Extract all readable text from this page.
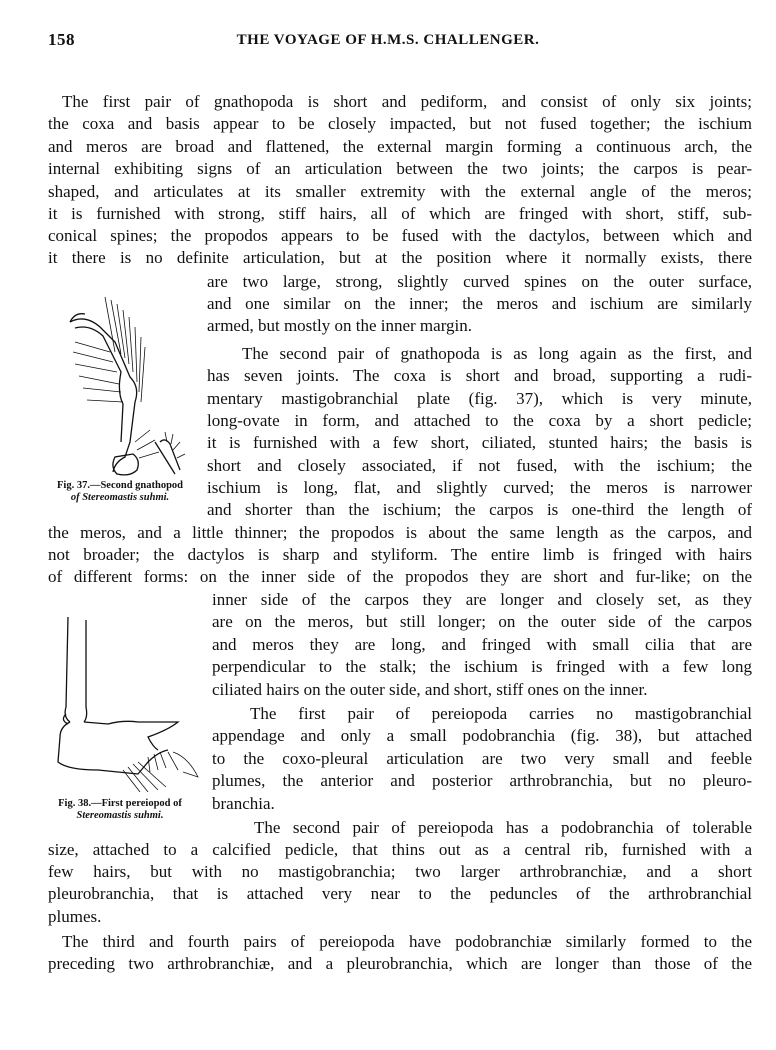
158	THE VOYAGE OF H.M.S. CHALLENGER.
Fig. 37.—Second gnathopod
of Stereomastis suhmi.
Fig. 38.—First pereiopod of
Stereomastis suhmi.
The first pair of gnathopoda is short and pediform, and consist of only six joints;
the coxa and basis appear to be closely impacted, but not fused together; the ischium
and meros are broad and flattened, the external margin forming a continuous arch, the
internal exhibiting signs of an articulation between the two joints; the carpos is pear-
shaped, and articulates at its smaller extremity with the external angle of the meros;
it is furnished with strong, stiff hairs, all of which are fringed with short, stiff, sub-
conical spines; the propodos appears to be fused with the dactylos, between which and
it there is no definite articulation, but at the position where it normally exists, there
are two large, strong, slightly curved spines on the outer surface,
and one similar on the inner; the meros and ischium are similarly
armed, but mostly on the inner margin.
The second pair of gnathopoda is as long again as the first, and
has seven joints. The coxa is short and broad, supporting a rudi-
mentary mastigobranchial plate (fig. 37), which is very minute,
long-ovate in form, and attached to the coxa by a short pedicle;
it is furnished with a few short, ciliated, stunted hairs; the basis is
short and closely associated, if not fused, with the ischium; the
ischium is long, flat, and slightly curved; the meros is narrower
and shorter than the ischium; the carpos is one-third the length of
the meros, and a little thinner; the propodos is about the same length as the carpos, and
not broader; the dactylos is sharp and styliform. The entire limb is fringed with hairs
of different forms: on the inner side of the propodos they are short and fur-like; on the
inner side of the carpos they are longer and closely set, as they
are on the meros, but still longer; on the outer side of the carpos
and meros they are long, and fringed with small cilia that are
perpendicular to the stalk; the ischium is fringed with a few long
ciliated hairs on the outer side, and short, stiff ones on the inner.
The first pair of pereiopoda carries no mastigobranchial
appendage and only a small podobranchia (fig. 38), but attached
to the coxo-pleural articulation are two very small and feeble
plumes, the anterior and posterior arthrobranchia, but no pleuro-
branchia.
The second pair of pereiopoda has a podobranchia of tolerable
size, attached to a calcified pedicle, that thins out as a central rib, furnished with a
few hairs, but with no mastigobranchia; two larger arthrobranchiæ, and a short
pleurobranchia, that is attached very near to the peduncles of the arthrobranchial
plumes.
The third and fourth pairs of pereiopoda have podobranchiæ similarly formed to the
preceding two arthrobranchiæ, and a pleurobranchia, which are longer than those of the
